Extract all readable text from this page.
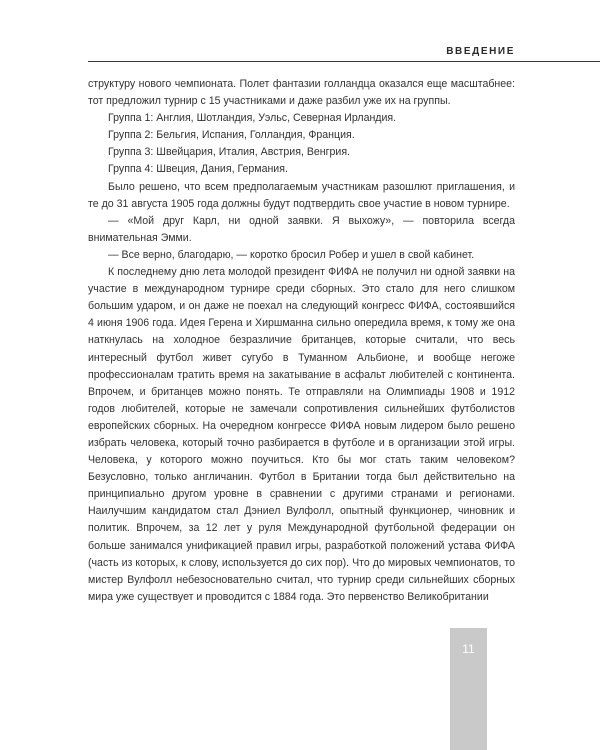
ВВЕДЕНИЕ

структуру нового чемпионата. Полет фантазии голландца оказался еще масштабнее: тот предложил турнир с 15 участниками и даже разбил уже их на группы.

Группа 1: Англия, Шотландия, Уэльс, Северная Ирландия.

Группа 2: Бельгия, Испания, Голландия, Франция.

Группа 3: Швейцария, Италия, Австрия, Венгрия.

Группа 4: Швеция, Дания, Германия.

Было решено, что всем предполагаемым участникам разошлют приглашения, и те до 31 августа 1905 года должны будут подтвердить свое участие в новом турнире.

— «Мой друг Карл, ни одной заявки. Я выхожу», — повторила всегда внимательная Эмми.

— Все верно, благодарю, — коротко бросил Робер и ушел в свой кабинет.

К последнему дню лета молодой президент ФИФА не получил ни одной заявки на участие в международном турнире среди сборных. Это стало для него слишком большим ударом, и он даже не поехал на следующий конгресс ФИФА, состоявшийся 4 июня 1906 года. Идея Герена и Хиршманна сильно опередила время, к тому же она наткнулась на холодное безразличие британцев, которые считали, что весь интересный футбол живет сугубо в Туманном Альбионе, и вообще негоже профессионалам тратить время на закатывание в асфальт любителей с континента. Впрочем, и британцев можно понять. Те отправляли на Олимпиады 1908 и 1912 годов любителей, которые не замечали сопротивления сильнейших футболистов европейских сборных. На очередном конгрессе ФИФА новым лидером было решено избрать человека, который точно разбирается в футболе и в организации этой игры. Человека, у которого можно поучиться. Кто бы мог стать таким человеком? Безусловно, только англичанин. Футбол в Британии тогда был действительно на принципиально другом уровне в сравнении с другими странами и регионами. Наилучшим кандидатом стал Дэниел Вулфолл, опытный функционер, чиновник и политик. Впрочем, за 12 лет у руля Международной футбольной федерации он больше занимался унификацией правил игры, разработкой положений устава ФИФА (часть из которых, к слову, используется до сих пор). Что до мировых чемпионатов, то мистер Вулфолл небезосновательно считал, что турнир среди сильнейших сборных мира уже существует и проводится с 1884 года. Это первенство Великобритании

11
